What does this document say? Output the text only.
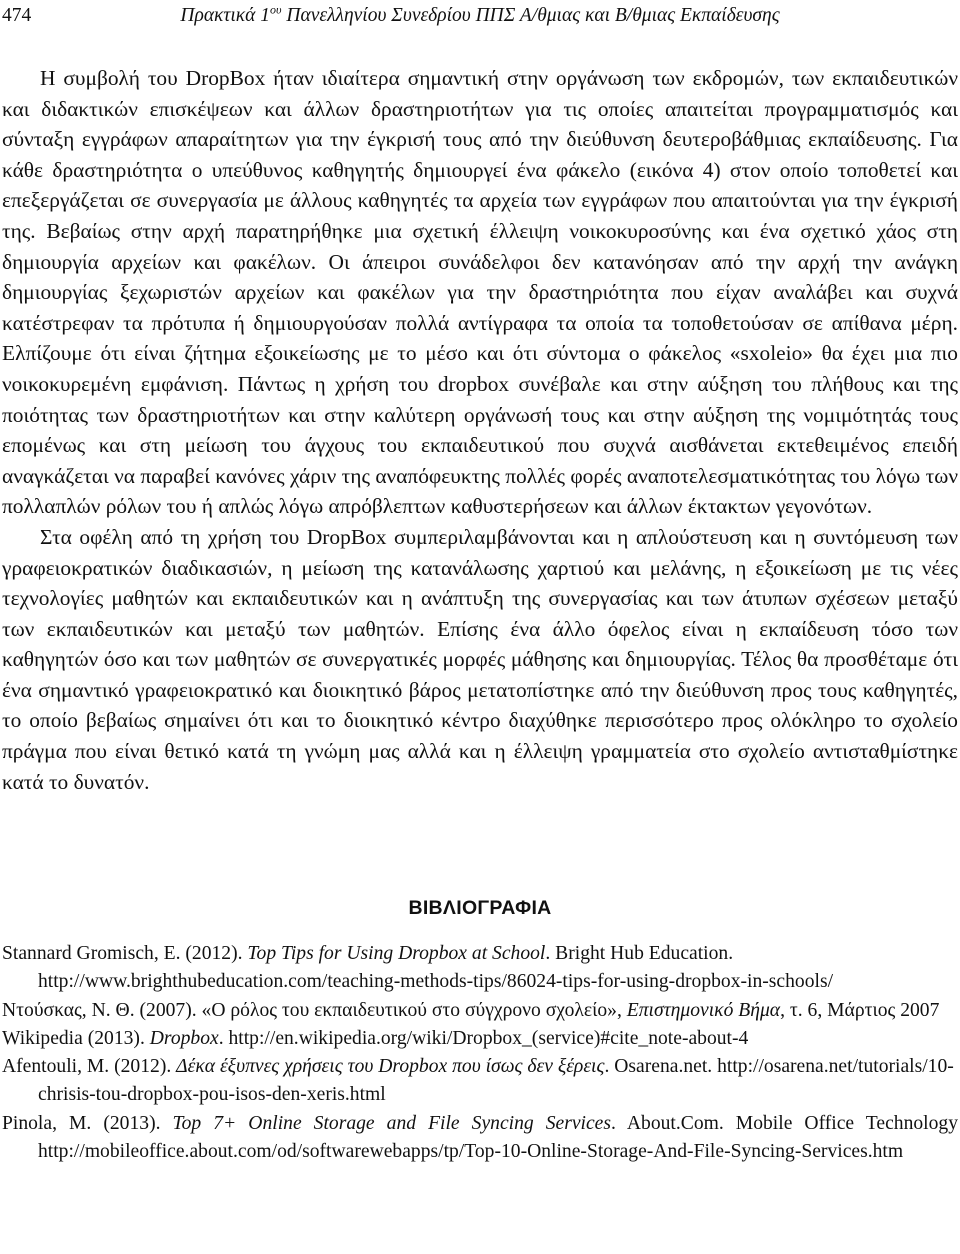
474	Πρακτικά $1^{o\upsilon}$ Πανελληνίου Συνεδρίου ΠΠΣ Α/θμιας και Β/θμιας Εκπαίδευσης

Η συμβολή του DropBox ήταν ιδιαίτερα σημαντική στην οργάνωση των εκδρομών, των εκπαιδευτικών και διδακτικών επισκέψεων και άλλων δραστηριοτήτων για τις οποίες απαιτείται προγραμματισμός και σύνταξη εγγράφων απαραίτητων για την έγκρισή τους από την διεύθυνση δευτεροβάθμιας εκπαίδευσης. Για κάθε δραστηριότητα ο υπεύθυνος καθηγητής δημιουργεί ένα φάκελο (εικόνα 4) στον οποίο τοποθετεί και επεξεργάζεται σε συνεργασία με άλλους καθηγητές τα αρχεία των εγγράφων που απαιτούνται για την έγκρισή της. Βεβαίως στην αρχή παρατηρήθηκε μια σχετική έλλειψη νοικοκυροσύνης και ένα σχετικό χάος στη δημιουργία αρχείων και φακέλων. Οι άπειροι συνάδελφοι δεν κατανόησαν από την αρχή την ανάγκη δημιουργίας ξεχωριστών αρχείων και φακέλων για την δραστηριότητα που είχαν αναλάβει και συχνά κατέστρεφαν τα πρότυπα ή δημιουργούσαν πολλά αντίγραφα τα οποία τα τοποθετούσαν σε απίθανα μέρη. Ελπίζουμε ότι είναι ζήτημα εξοικείωσης με το μέσο και ότι σύντομα ο φάκελος «sxoleio» θα έχει μια πιο νοικοκυρεμένη εμφάνιση. Πάντως η χρήση του dropbox συνέβαλε και στην αύξηση του πλήθους και της ποιότητας των δραστηριοτήτων και στην καλύτερη οργάνωσή τους και στην αύξηση της νομιμότητάς τους επομένως και στη μείωση του άγχους του εκπαιδευτικού που συχνά αισθάνεται εκτεθειμένος επειδή αναγκάζεται να παραβεί κανόνες χάριν της αναπόφευκτης πολλές φορές αναποτελεσματικότητας του λόγω των πολλαπλών ρόλων του ή απλώς λόγω απρόβλεπτων καθυστερήσεων και άλλων έκτακτων γεγονότων.

Στα οφέλη από τη χρήση του DropBox συμπεριλαμβάνονται και η απλούστευση και η συντόμευση των γραφειοκρατικών διαδικασιών, η μείωση της κατανάλωσης χαρτιού και μελάνης, η εξοικείωση με τις νέες τεχνολογίες μαθητών και εκπαιδευτικών και η ανάπτυξη της συνεργασίας και των άτυπων σχέσεων μεταξύ των εκπαιδευτικών και μεταξύ των μαθητών. Επίσης ένα άλλο όφελος είναι η εκπαίδευση τόσο των καθηγητών όσο και των μαθητών σε συνεργατικές μορφές μάθησης και δημιουργίας. Τέλος θα προσθέταμε ότι ένα σημαντικό γραφειοκρατικό και διοικητικό βάρος μετατοπίστηκε από την διεύθυνση προς τους καθηγητές, το οποίο βεβαίως σημαίνει ότι και το διοικητικό κέντρο διαχύθηκε περισσότερο προς ολόκληρο το σχολείο πράγμα που είναι θετικό κατά τη γνώμη μας αλλά και η έλλειψη γραμματεία στο σχολείο αντισταθμίστηκε κατά το δυνατόν.

ΒΙΒΛΙΟΓΡΑΦΙΑ
Stannard Gromisch, E. (2012). Top Tips for Using Dropbox at School. Bright Hub Education. http://www.brighthubeducation.com/teaching-methods-tips/86024-tips-for-using-dropbox-in-schools/
Ντούσκας, Ν. Θ. (2007). «Ο ρόλος του εκπαιδευτικού στο σύγχρονο σχολείο», Επιστημονικό Βήμα, τ. 6, Μάρτιος 2007
Wikipedia (2013). Dropbox. http://en.wikipedia.org/wiki/Dropbox_(service)#cite_note-about-4
Afentouli, M. (2012). Δέκα έξυπνες χρήσεις του Dropbox που ίσως δεν ξέρεις. Osarena.net. http://osarena.net/tutorials/10-chrisis-tou-dropbox-pou-isos-den-xeris.html
Pinola, M. (2013). Top 7+ Online Storage and File Syncing Services. About.Com. Mobile Office Technology http://mobileoffice.about.com/od/softwarewebapps/tp/Top-10-Online-Storage-And-File-Syncing-Services.htm
